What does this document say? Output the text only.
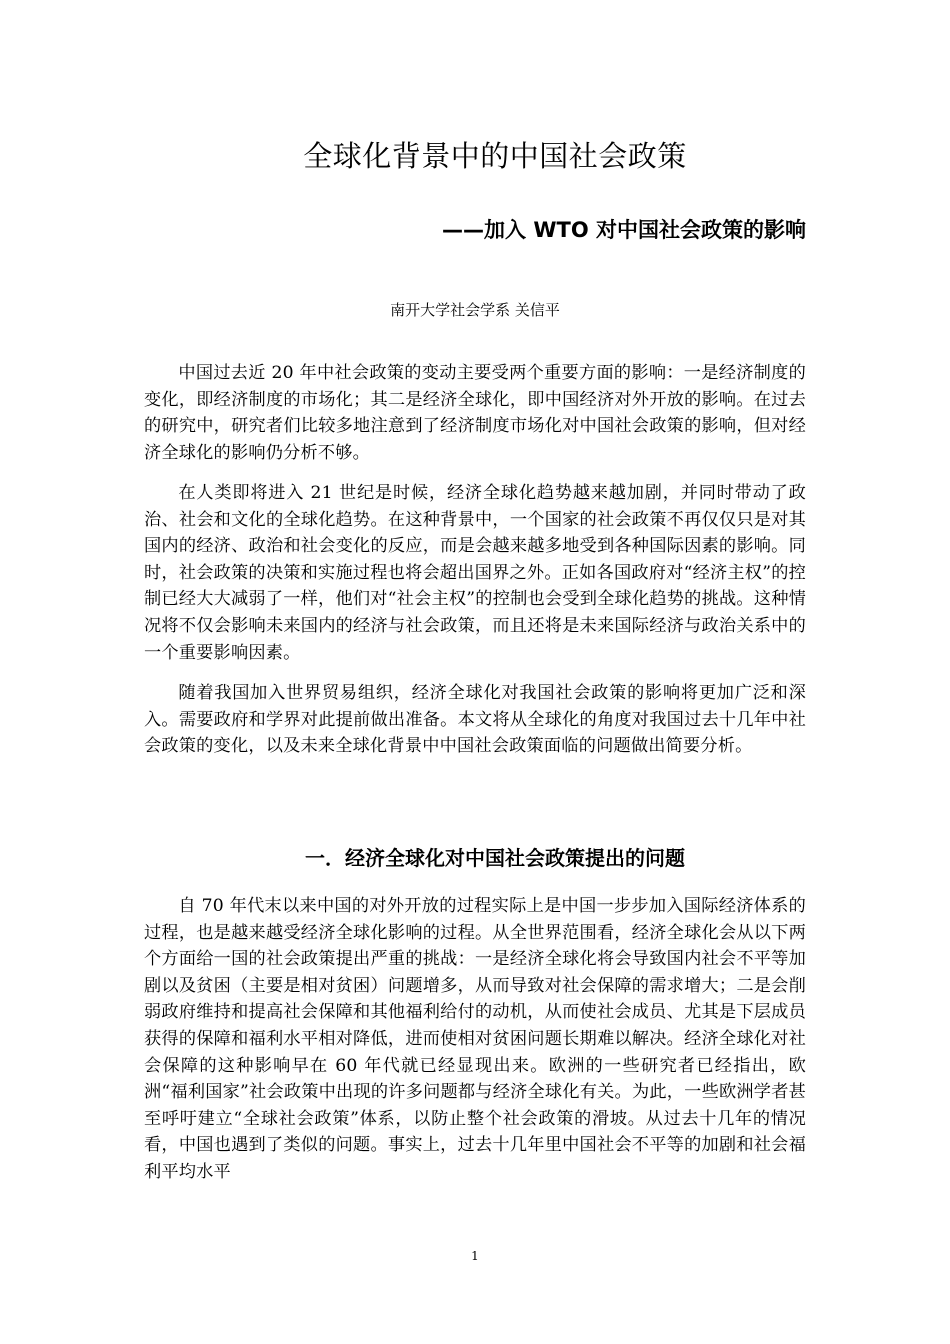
全球化背景中的中国社会政策
——加入 WTO 对中国社会政策的影响
南开大学社会学系 关信平

中国过去近 20 年中社会政策的变动主要受两个重要方面的影响：一是经济制度的变化，即经济制度的市场化；其二是经济全球化，即中国经济对外开放的影响。在过去的研究中，研究者们比较多地注意到了经济制度市场化对中国社会政策的影响，但对经济全球化的影响仍分析不够。

在人类即将进入 21 世纪是时候，经济全球化趋势越来越加剧，并同时带动了政治、社会和文化的全球化趋势。在这种背景中，一个国家的社会政策不再仅仅只是对其国内的经济、政治和社会变化的反应，而是会越来越多地受到各种国际因素的影响。同时，社会政策的决策和实施过程也将会超出国界之外。正如各国政府对“经济主权”的控制已经大大减弱了一样，他们对“社会主权”的控制也会受到全球化趋势的挑战。这种情况将不仅会影响未来国内的经济与社会政策，而且还将是未来国际经济与政治关系中的一个重要影响因素。

随着我国加入世界贸易组织，经济全球化对我国社会政策的影响将更加广泛和深入。需要政府和学界对此提前做出准备。本文将从全球化的角度对我国过去十几年中社会政策的变化，以及未来全球化背景中中国社会政策面临的问题做出简要分析。

一．经济全球化对中国社会政策提出的问题

自 70 年代末以来中国的对外开放的过程实际上是中国一步步加入国际经济体系的过程，也是越来越受经济全球化影响的过程。从全世界范围看，经济全球化会从以下两个方面给一国的社会政策提出严重的挑战：一是经济全球化将会导致国内社会不平等加剧以及贫困（主要是相对贫困）问题增多，从而导致对社会保障的需求增大；二是会削弱政府维持和提高社会保障和其他福利给付的动机，从而使社会成员、尤其是下层成员获得的保障和福利水平相对降低，进而使相对贫困问题长期难以解决。经济全球化对社会保障的这种影响早在 60 年代就已经显现出来。欧洲的一些研究者已经指出，欧洲“福利国家”社会政策中出现的许多问题都与经济全球化有关。为此，一些欧洲学者甚至呼吁建立“全球社会政策”体系，以防止整个社会政策的滑坡。从过去十几年的情况看，中国也遇到了类似的问题。事实上，过去十几年里中国社会不平等的加剧和社会福利平均水平

1
